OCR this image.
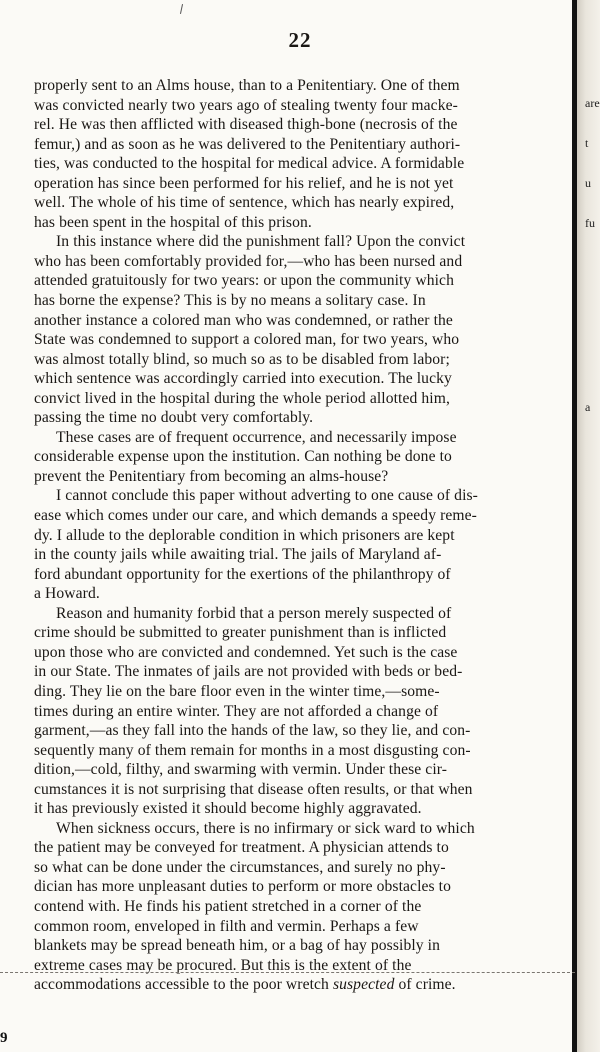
22
properly sent to an Alms house, than to a Penitentiary. One of them
was convicted nearly two years ago of stealing twenty four macke-
rel. He was then afflicted with diseased thigh-bone (necrosis of the
femur,) and as soon as he was delivered to the Penitentiary authori-
ties, was conducted to the hospital for medical advice. A formidable
operation has since been performed for his relief, and he is not yet
well. The whole of his time of sentence, which has nearly expired,
has been spent in the hospital of this prison.
In this instance where did the punishment fall? Upon the convict
who has been comfortably provided for,—who has been nursed and
attended gratuitously for two years: or upon the community which
has borne the expense? This is by no means a solitary case. In
another instance a colored man who was condemned, or rather the
State was condemned to support a colored man, for two years, who
was almost totally blind, so much so as to be disabled from labor;
which sentence was accordingly carried into execution. The lucky
convict lived in the hospital during the whole period allotted him,
passing the time no doubt very comfortably.
These cases are of frequent occurrence, and necessarily impose
considerable expense upon the institution. Can nothing be done to
prevent the Penitentiary from becoming an alms-house?
I cannot conclude this paper without adverting to one cause of dis-
ease which comes under our care, and which demands a speedy reme-
dy. I allude to the deplorable condition in which prisoners are kept
in the county jails while awaiting trial. The jails of Maryland af-
ford abundant opportunity for the exertions of the philanthropy of
a Howard.
Reason and humanity forbid that a person merely suspected of
crime should be submitted to greater punishment than is inflicted
upon those who are convicted and condemned. Yet such is the case
in our State. The inmates of jails are not provided with beds or bed-
ding. They lie on the bare floor even in the winter time,—some-
times during an entire winter. They are not afforded a change of
garment,—as they fall into the hands of the law, so they lie, and con-
sequently many of them remain for months in a most disgusting con-
dition,—cold, filthy, and swarming with vermin. Under these cir-
cumstances it is not surprising that disease often results, or that when
it has previously existed it should become highly aggravated.
When sickness occurs, there is no infirmary or sick ward to which
the patient may be conveyed for treatment. A physician attends to
so what can be done under the circumstances, and surely no phy-
dician has more unpleasant duties to perform or more obstacles to
contend with. He finds his patient stretched in a corner of the
common room, enveloped in filth and vermin. Perhaps a few
blankets may be spread beneath him, or a bag of hay possibly in
extreme cases may be procured. But this is the extent of the
accommodations accessible to the poor wretch suspected of crime.
are
t
u
fu
a
9
